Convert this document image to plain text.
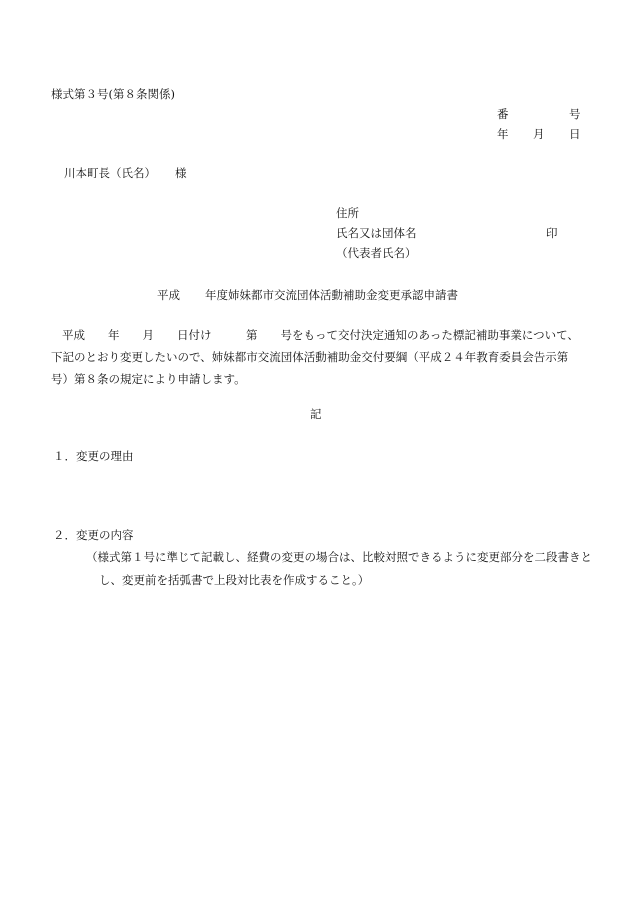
様式第３号(第８条関係)
番	号
年 月 日
川本町長（氏名） 様
住所
氏名又は団体名	印
（代表者氏名）
平成 年度姉妹都市交流団体活動補助金変更承認申請書

平成　　年　　月　　日付け　　　第　　号をもって交付決定通知のあった標記補助事業について、下記のとおり変更したいので、姉妹都市交流団体活動補助金交付要綱（平成２４年教育委員会告示第　号）第８条の規定により申請します。

記
１．変更の理由
２．変更の内容

（様式第１号に準じて記載し、経費の変更の場合は、比較対照できるように変更部分を二段書きとし、変更前を括弧書で上段対比表を作成すること。）
